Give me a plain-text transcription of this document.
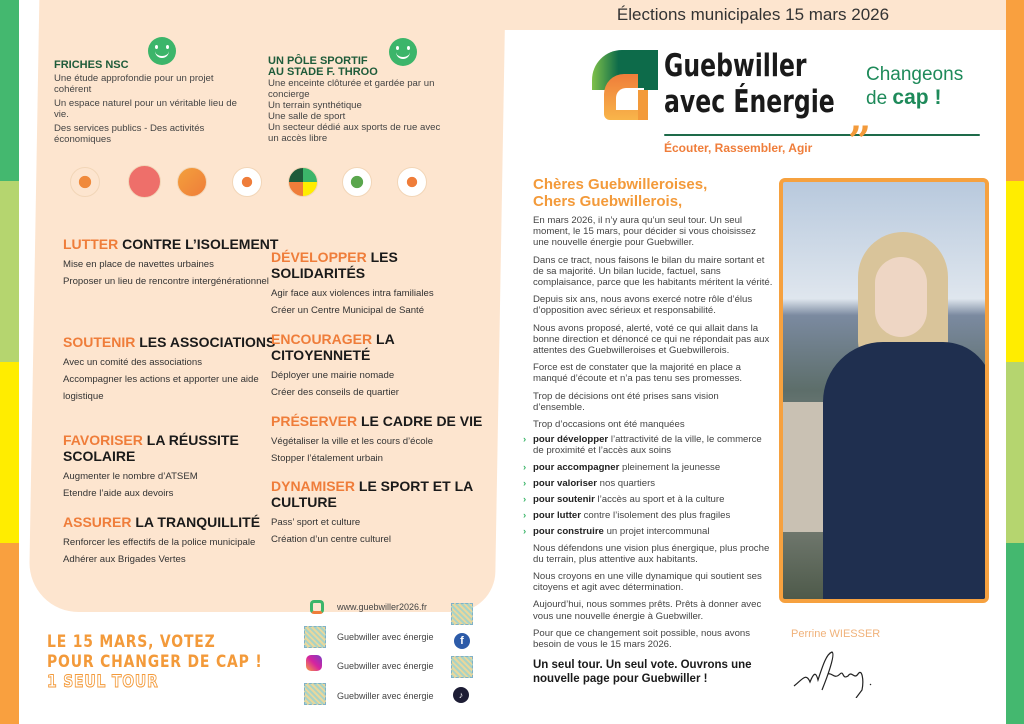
FRICHES NSC
Une étude approfondie pour un projet cohérent
Un espace naturel pour un véritable lieu de vie.
Des services publics - Des activités économiques
UN PÔLE SPORTIF
AU STADE F. THROO
Une enceinte clôturée et gardée par un concierge
Un terrain synthétique
Une salle de sport
Un secteur dédié aux sports de rue avec un accès libre
LUTTER CONTRE L’ISOLEMENT

Mise en place de navettes urbaines

Proposer un lieu de rencontre intergénérationnel

SOUTENIR LES ASSOCIATIONS

Avec un comité des associations

Accompagner les actions et apporter une aide logistique

FAVORISER LA RÉUSSITE SCOLAIRE

Augmenter le nombre d’ATSEM

Etendre l’aide aux devoirs

ASSURER LA TRANQUILLITÉ

Renforcer les effectifs de la police municipale

Adhérer aux Brigades Vertes

DÉVELOPPER LES SOLIDARITÉS

Agir face aux violences intra familiales

Créer un Centre Municipal de Santé

ENCOURAGER LA CITOYENNETÉ

Déployer une mairie nomade

Créer des conseils de quartier

PRÉSERVER LE CADRE DE VIE

Végétaliser la ville et les cours d’école

Stopper l’étalement urbain

DYNAMISER LE SPORT ET LA CULTURE

Pass’ sport et culture

Création d’un centre culturel

LE 15 MARS, VOTEZ
POUR CHANGER DE CAP !
1 SEUL TOUR
www.guebwiller2026.fr
Guebwiller avec énergie	f
Guebwiller avec énergie
Guebwiller avec énergie	♪
Élections municipales 15 mars 2026
Guebwiller
avec Énergie
”
Écouter, Rassembler, Agir
Changeons
de cap !
Chères Guebwilleroises,
Chers Guebwillerois,

En mars 2026, il n’y aura qu’un seul tour. Un seul moment, le 15 mars, pour décider si vous choisissez une nouvelle énergie pour Guebwiller.

Dans ce tract, nous faisons le bilan du maire sortant et de sa majorité. Un bilan lucide, factuel, sans complaisance, parce que les habitants méritent la vérité.

Depuis six ans, nous avons exercé notre rôle d’élus d’opposition avec sérieux et responsabilité.

Nous avons proposé, alerté, voté ce qui allait dans la bonne direction et dénoncé ce qui ne répondait pas aux attentes des Guebwilleroises et Guebwillerois.

Force est de constater que la majorité en place a manqué d’écoute et n’a pas tenu ses promesses.

Trop de décisions ont été prises sans vision d’ensemble.

Trop d’occasions ont été manquées

› pour développer l’attractivité de la ville, le commerce de proximité et l’accès aux soins

› pour accompagner pleinement la jeunesse

› pour valoriser nos quartiers

› pour soutenir l’accès au sport et à la culture

› pour lutter contre l’isolement des plus fragiles

› pour construire un projet intercommunal

Nous défendons une vision plus énergique, plus proche du terrain, plus attentive aux habitants.

Nous croyons en une ville dynamique qui soutient ses citoyens et agit avec détermination.

Aujourd’hui, nous sommes prêts. Prêts à donner avec vous une nouvelle énergie à Guebwiller.

Pour que ce changement soit possible, nous avons besoin de vous le 15 mars 2026.

Un seul tour. Un seul vote. Ouvrons une nouvelle page pour Guebwiller !

Perrine WIESSER
